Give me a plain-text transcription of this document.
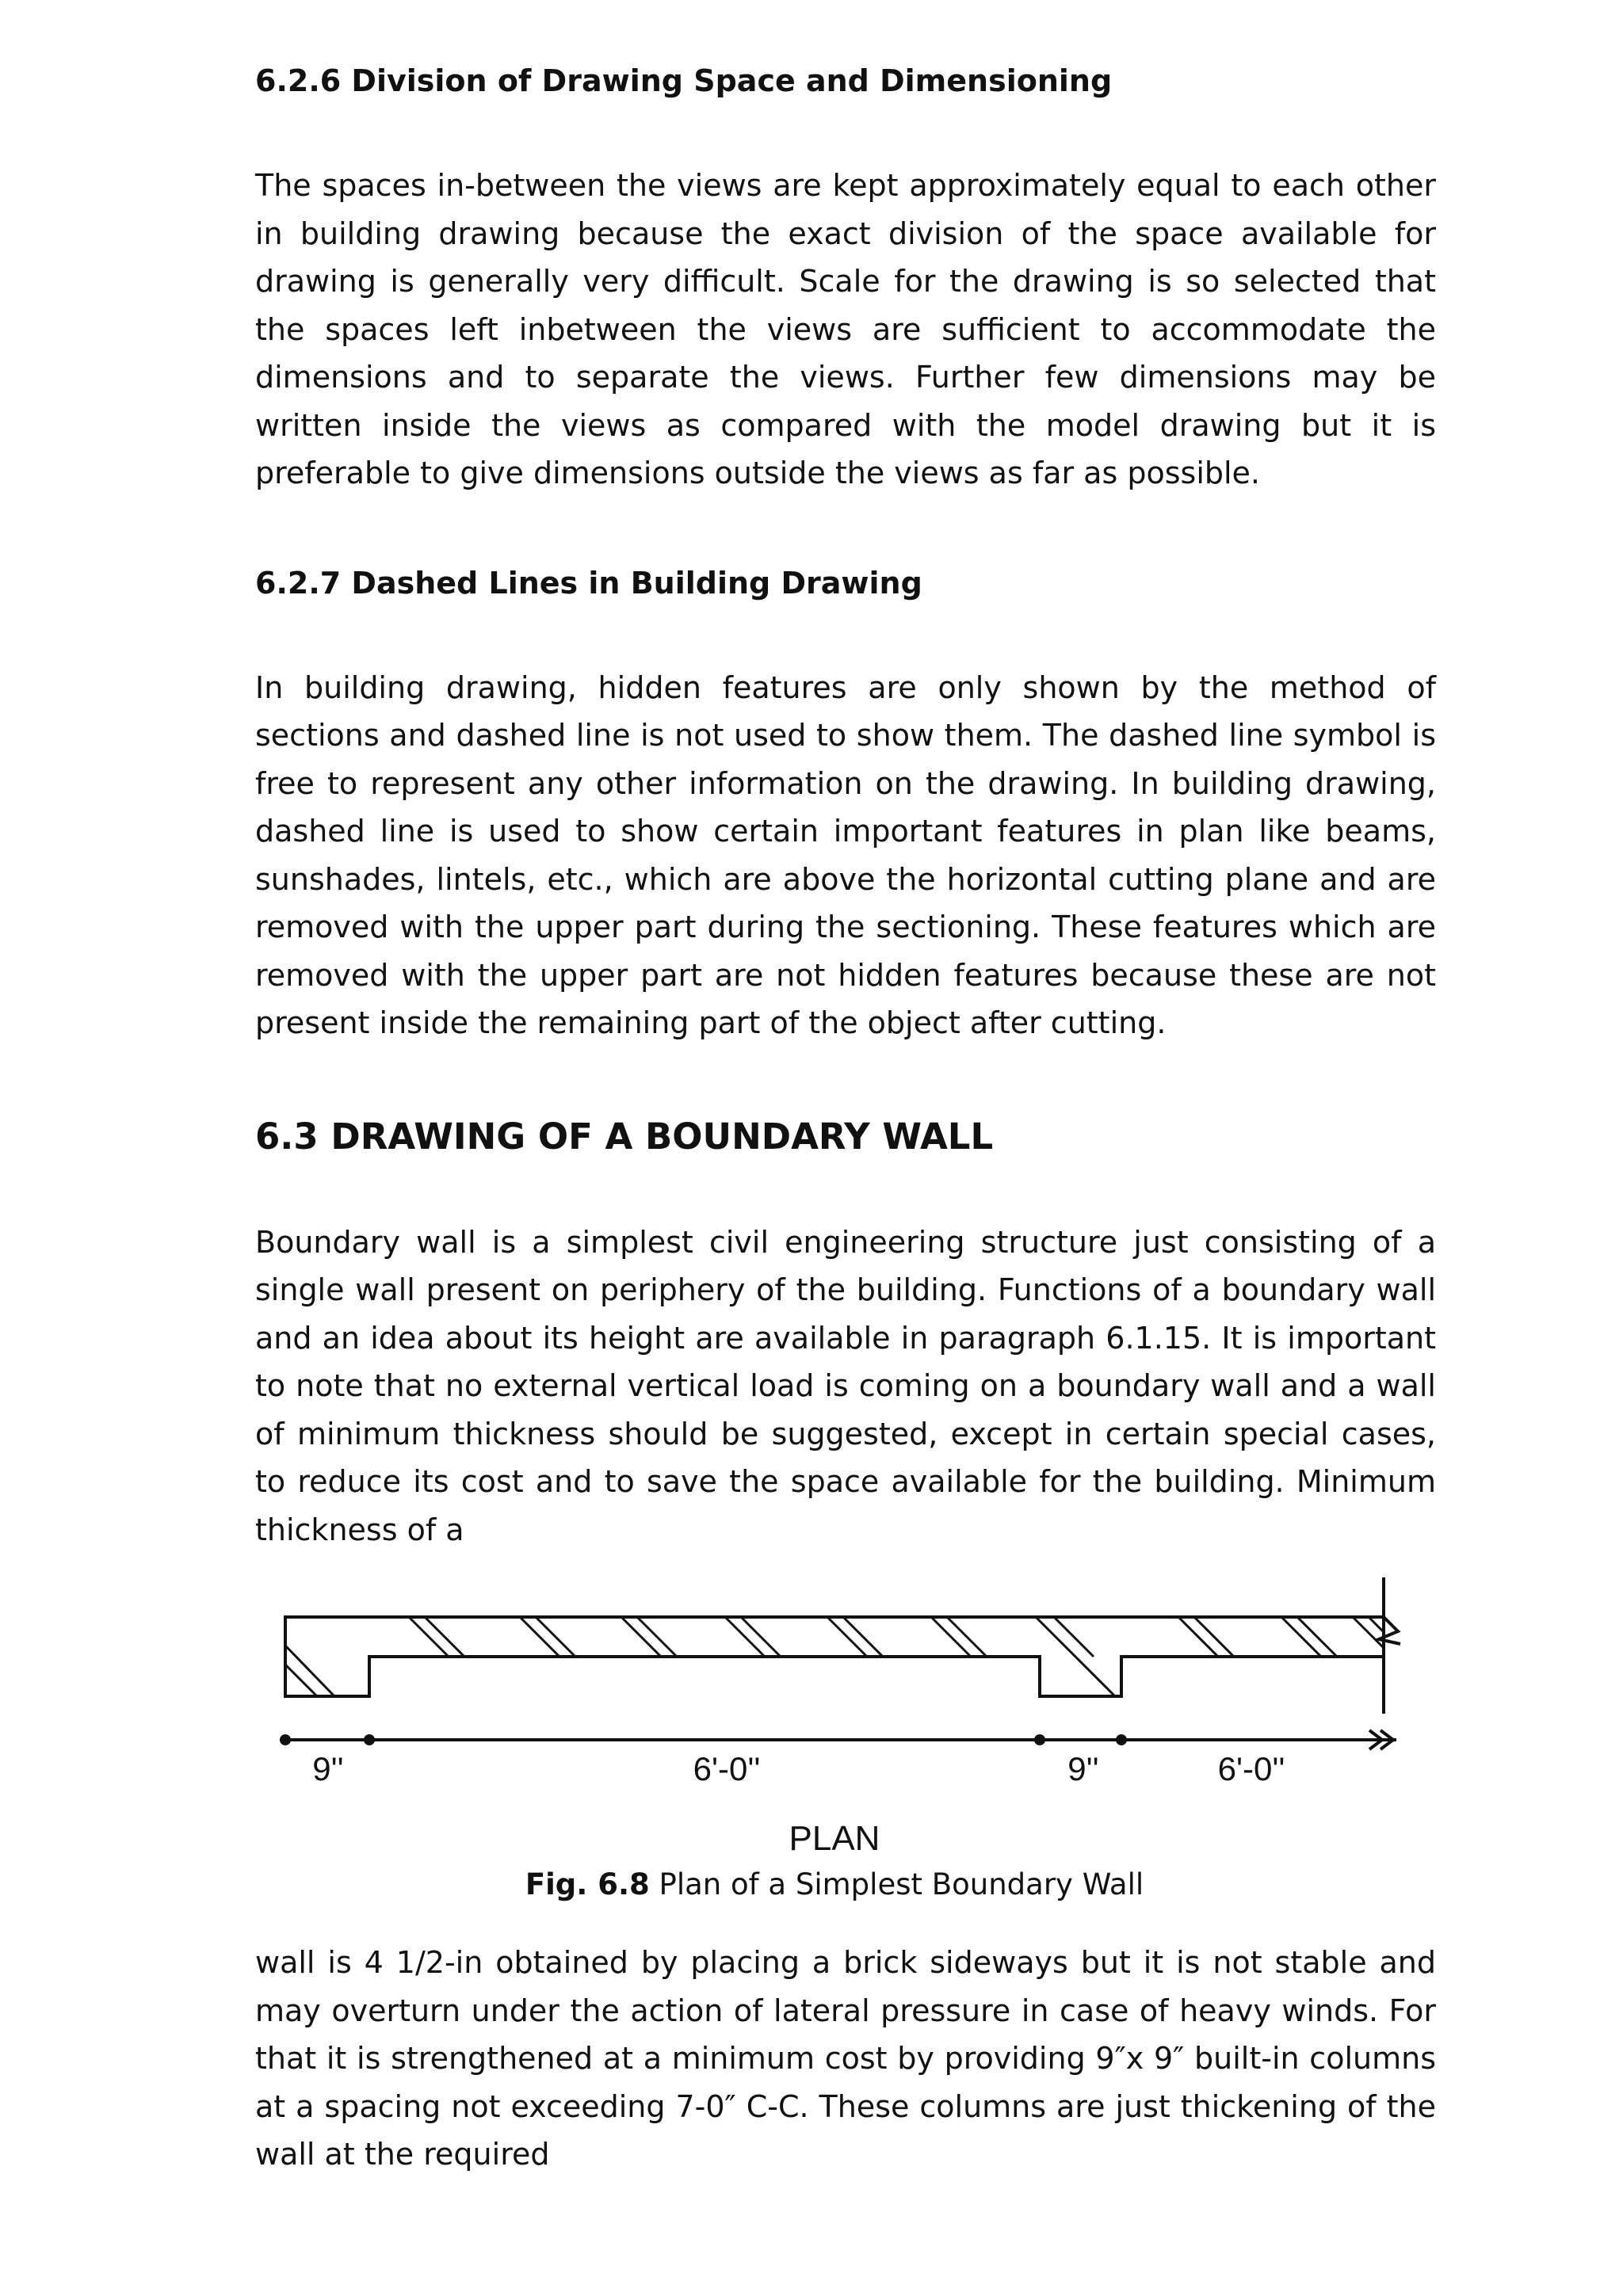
6.2.6 Division of Drawing Space and Dimensioning

The spaces in-between the views are kept approximately equal to each other in building drawing because the exact division of the space available for drawing is generally very difficult. Scale for the drawing is so selected that the spaces left inbetween the views are sufficient to accommodate the dimensions and to separate the views. Further few dimensions may be written inside the views as compared with the model drawing but it is preferable to give dimensions outside the views as far as possible.

6.2.7 Dashed Lines in Building Drawing

In building drawing, hidden features are only shown by the method of sections and dashed line is not used to show them. The dashed line symbol is free to represent any other information on the drawing. In building drawing, dashed line is used to show certain important features in plan like beams, sunshades, lintels, etc., which are above the horizontal cutting plane and are removed with the upper part during the sectioning. These features which are removed with the upper part are not hidden features because these are not present inside the remaining part of the object after cutting.

6.3 DRAWING OF A BOUNDARY WALL

Boundary wall is a simplest civil engineering structure just consisting of a single wall present on periphery of the building. Functions of a boundary wall and an idea about its height are available in paragraph 6.1.15. It is important to note that no external vertical load is coming on a boundary wall and a wall of minimum thickness should be suggested, except in certain special cases, to reduce its cost and to save the space available for the building. Minimum thickness of a

9''	6'-0''	9''	6'-0''
PLAN
Fig. 6.8 Plan of a Simplest Boundary Wall

wall is 4 1/2-in obtained by placing a brick sideways but it is not stable and may overturn under the action of lateral pressure in case of heavy winds. For that it is strengthened at a minimum cost by providing 9″x 9″ built-in columns at a spacing not exceeding 7-0″ C-C. These columns are just thickening of the wall at the required
